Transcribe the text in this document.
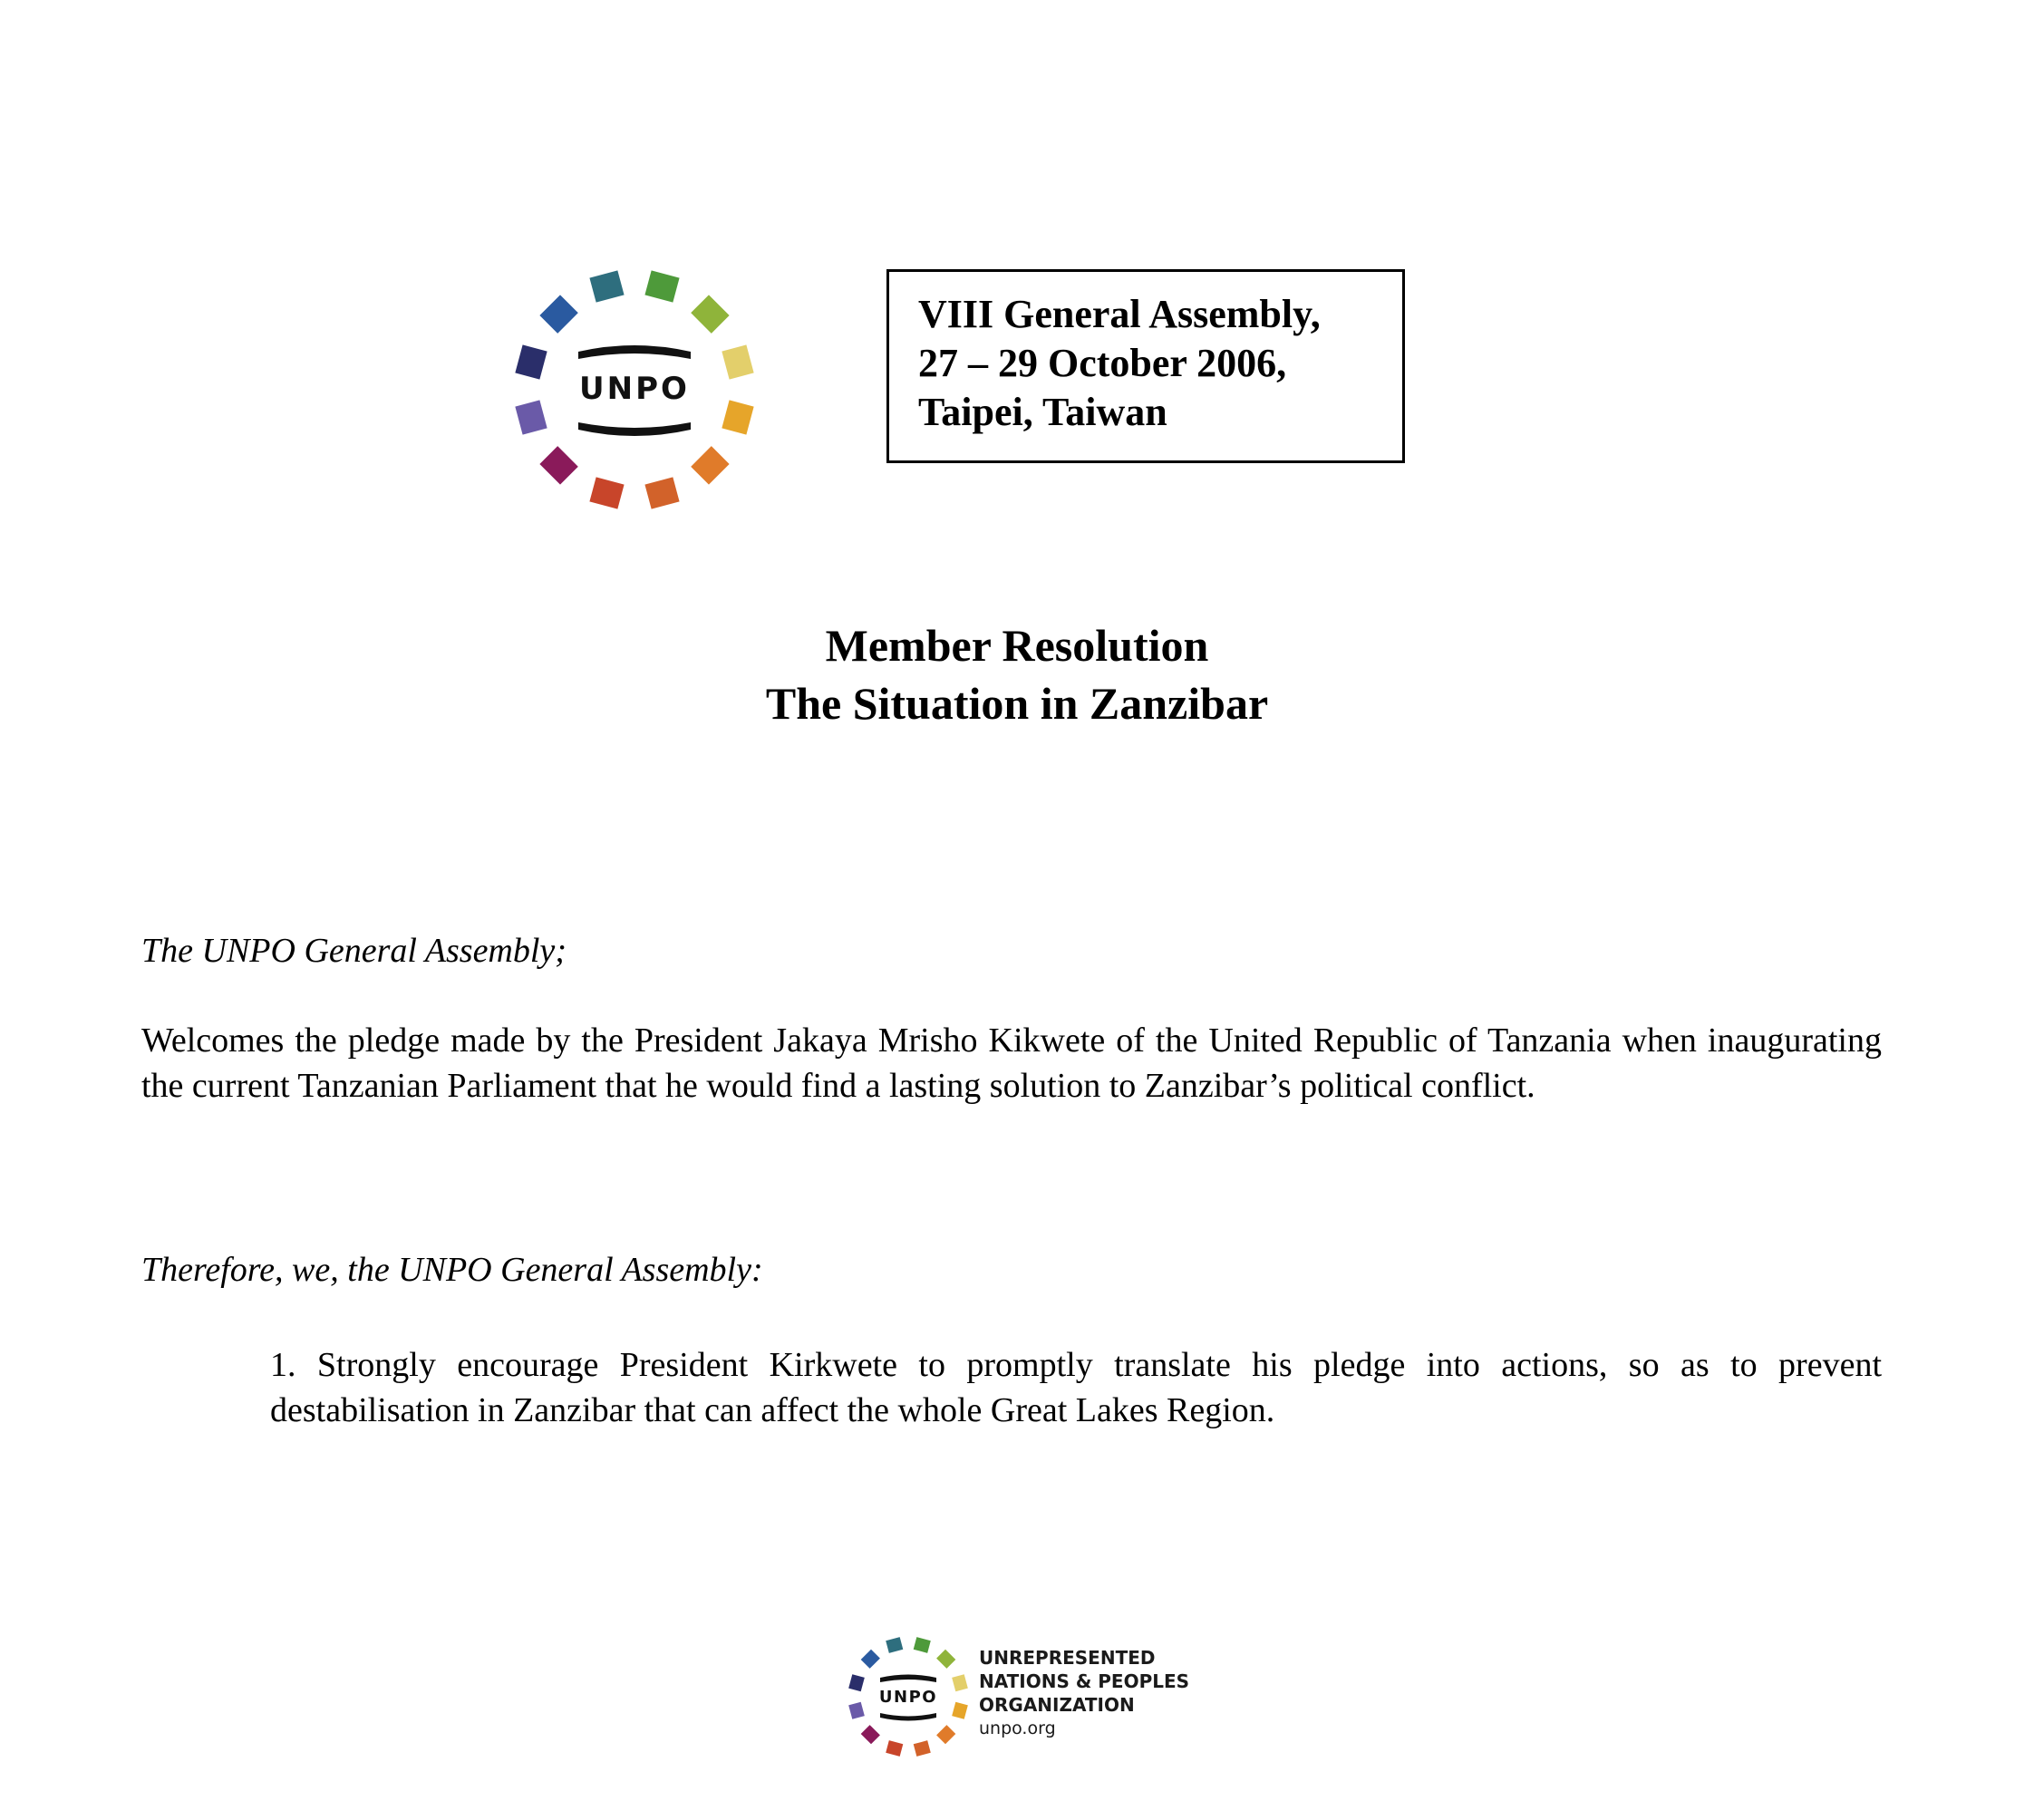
UNPO
VIII General Assembly,
27 – 29 October 2006,
Taipei, Taiwan
Member Resolution
The Situation in Zanzibar
The UNPO General Assembly;
Welcomes the pledge made by the President Jakaya Mrisho Kikwete of the United Republic of Tanzania when inaugurating the current Tanzanian Parliament that he would find a lasting solution to Zanzibar’s political conflict.
Therefore, we, the UNPO General Assembly:
1. Strongly encourage President Kirkwete to promptly translate his pledge into actions, so as to prevent destabilisation in Zanzibar that can affect the whole Great Lakes Region.
UNPO
UNREPRESENTED
NATIONS & PEOPLES
ORGANIZATION
unpo.org
